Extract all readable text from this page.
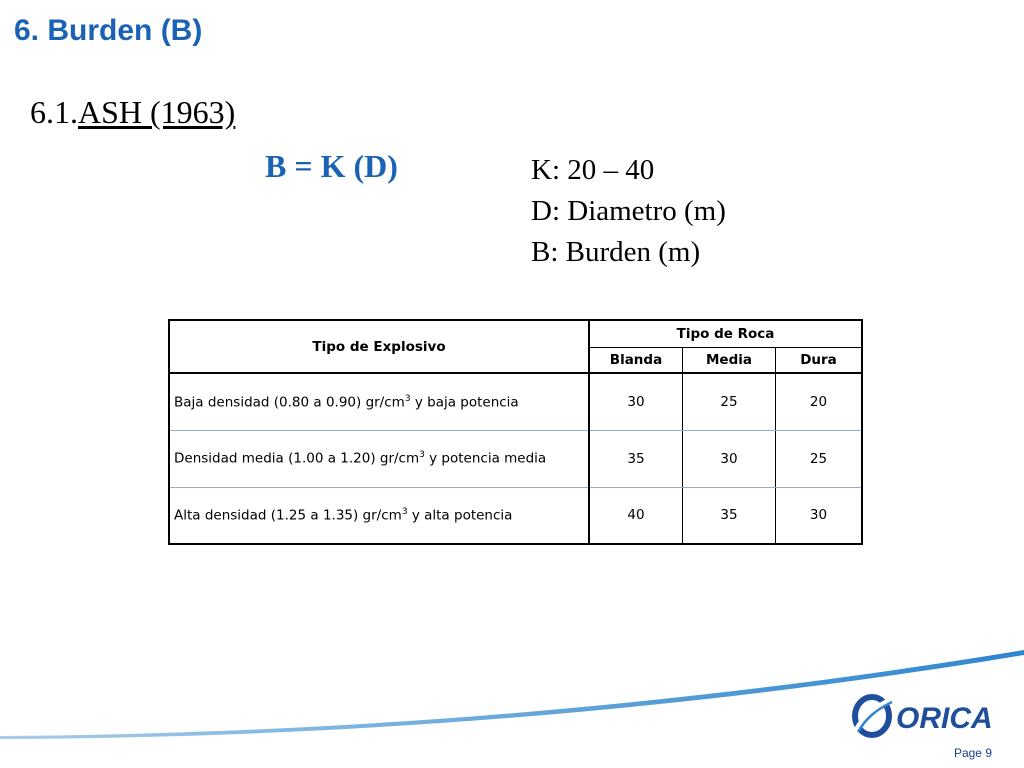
6. Burden (B)
6.1.ASH (1963)
B = K (D)	K: 20 – 40
D: Diametro (m)
B: Burden (m)
Tipo de Explosivo	Tipo de Roca		
	Blanda	Media	Dura
Baja densidad (0.80 a 0.90) $gr/cm^3$ y baja potencia	30	25	20
Densidad media (1.00 a 1.20) $gr/cm^3$ y potencia media	35	30	25
Alta densidad (1.25 a 1.35) $gr/cm^3$ y alta potencia	40	35	30
ORICA
Page 9
